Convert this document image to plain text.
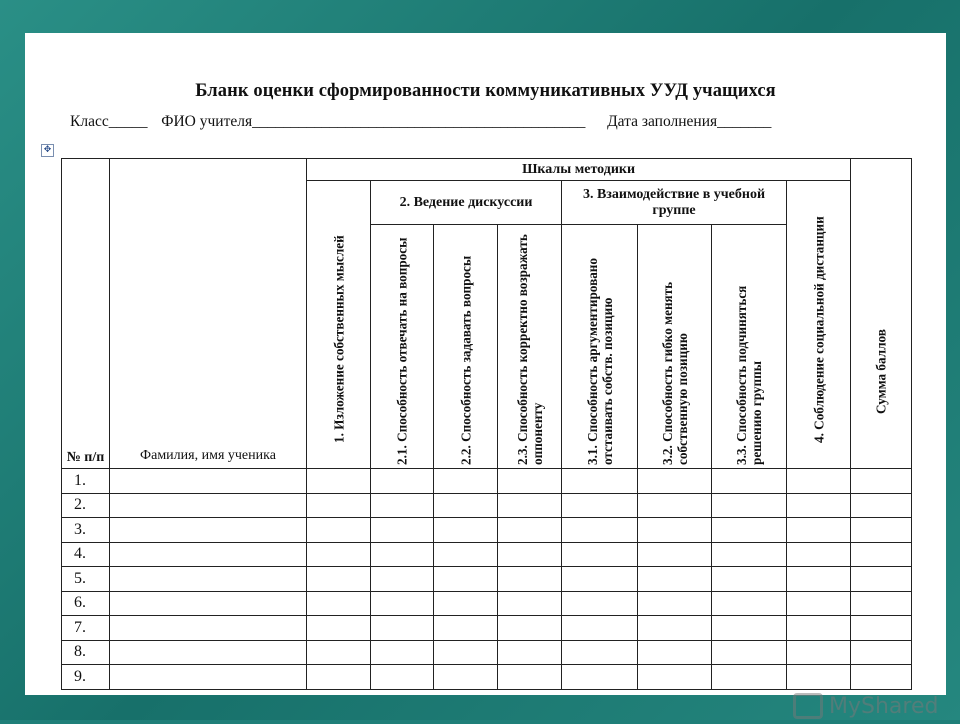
Бланк оценки сформированности коммуникативных УУД учащихся
Класс_____ ФИО учителя___________________________________________ Дата заполнения_______
✥
№ п/п	Фамилия, имя ученика	Шкалы методики								Сумма баллов

		1. Изложение собственных мыслей	2. Ведение дискуссии			3. Взаимодействие в учебной группе			4. Соблюдение социальной дистанции	

			2.1. Способность отвечать на вопросы	2.2. Способность задавать вопросы	2.3. Способность корректно возражать оппоненту	3.1. Способность аргументировано отстаивать собств. позицию	3.2. Способность гибко менять собственную позицию	3.3. Способность подчиняться решению группы		

1.										
2.										
3.										
4.										
5.										
6.										
7.										
8.										
9.										
MyShared
